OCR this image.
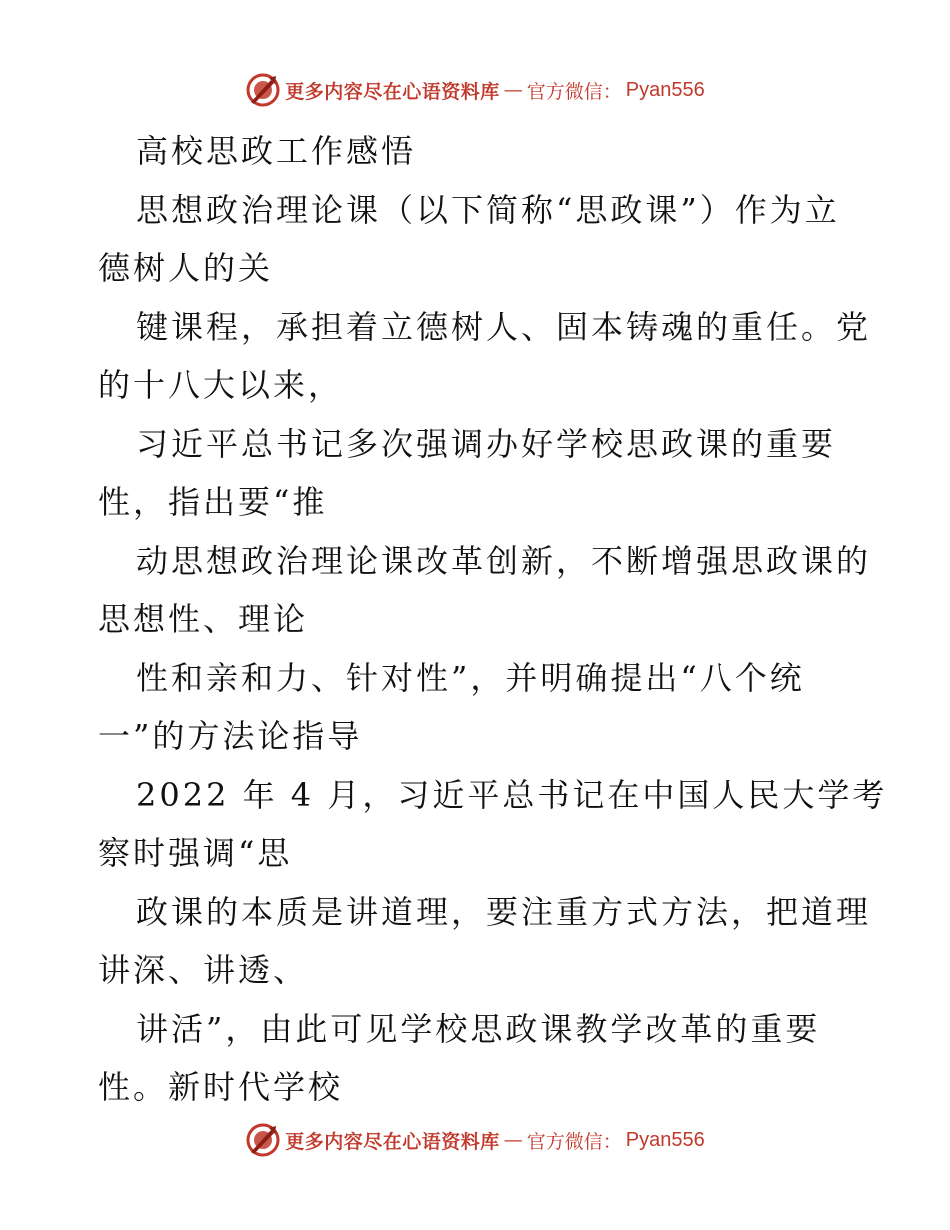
更多内容尽在心语资料库 — 官方微信： Pyan556
高校思政工作感悟
思想政治理论课（以下简称“思政课”）作为立
德树人的关
键课程，承担着立德树人、固本铸魂的重任。党
的十八大以来，
习近平总书记多次强调办好学校思政课的重要
性，指出要“推
动思想政治理论课改革创新，不断增强思政课的
思想性、理论
性和亲和力、针对性”，并明确提出“八个统
一”的方法论指导
2022 年 4 月，习近平总书记在中国人民大学考
察时强调“思
政课的本质是讲道理，要注重方式方法，把道理
讲深、讲透、
讲活”，由此可见学校思政课教学改革的重要
性。新时代学校
更多内容尽在心语资料库 — 官方微信： Pyan556
